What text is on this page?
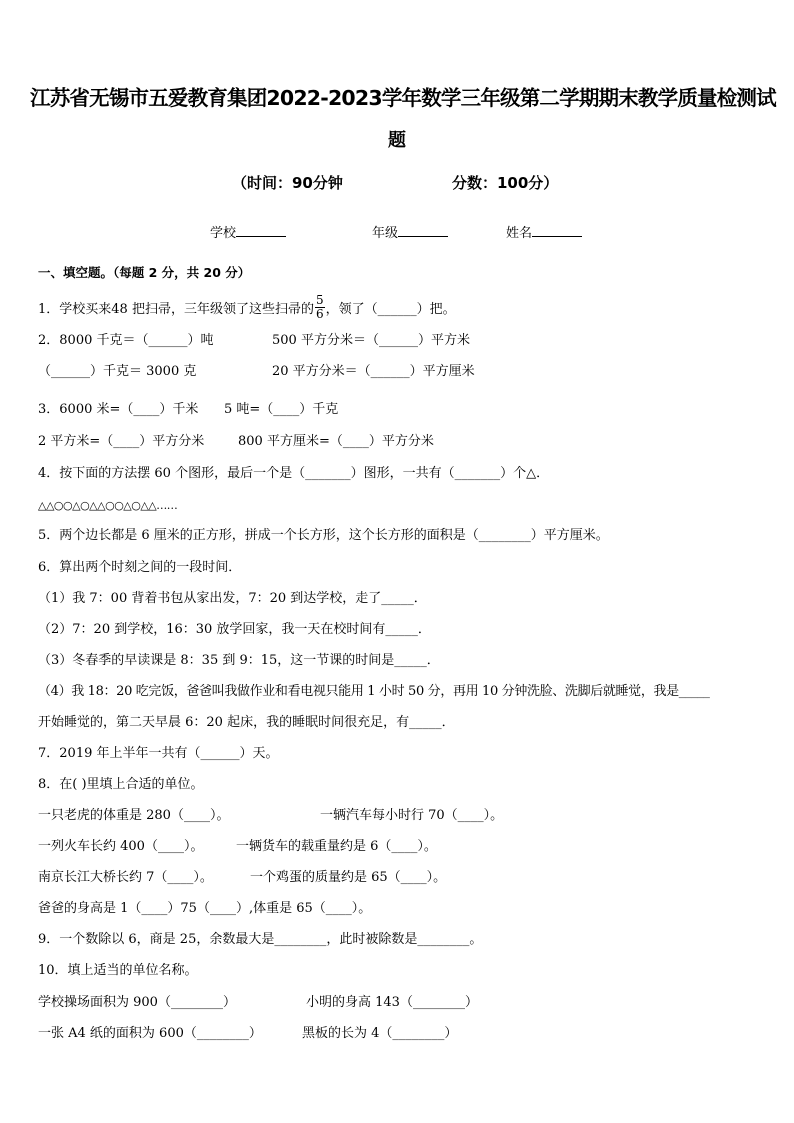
江苏省无锡市五爱教育集团2022-2023学年数学三年级第二学期期末教学质量检测试
题
（时间：90分钟	分数：100分）
学校	年级	姓名
一、填空题。（每题 2 分，共 20 分）
1．学校买来48 把扫帚，三年级领了这些扫帚的 $\frac{5}{6}$ ，领了（______）把。
2．8000 千克＝（______）吨	500 平方分米＝（______）平方米
（______）千克＝ 3000 克	20 平方分米＝（______）平方厘米
3．6000 米=（____）千米 5 吨=（____）千克
2 平方米=（____）平方分米	800 平方厘米=（____）平方分米
4．按下面的方法摆 60 个图形，最后一个是（_______）图形，一共有（_______）个△．
△△○○△○△△○○△○△△……
5．两个边长都是 6 厘米的正方形，拼成一个长方形，这个长方形的面积是（________）平方厘米。
6．算出两个时刻之间的一段时间．
（1）我 7：00 背着书包从家出发，7：20 到达学校，走了_____．
（2）7：20 到学校，16：30 放学回家，我一天在校时间有_____．
（3）冬春季的早读课是 8：35 到 9：15，这一节课的时间是_____．
（4）我 18：20 吃完饭，爸爸叫我做作业和看电视只能用 1 小时 50 分，再用 10 分钟洗脸、洗脚后就睡觉，我是_____
开始睡觉的，第二天早晨 6：20 起床，我的睡眠时间很充足，有_____．
7．2019 年上半年一共有（______）天。
8．在( )里填上合适的单位。
一只老虎的体重是 280（____）。	一辆汽车每小时行 70（____）。
一列火车长约 400（____）。	一辆货车的载重量约是 6（____）。
南京长江大桥长约 7（____）。	一个鸡蛋的质量约是 65（____）。
爸爸的身高是 1（____）75（____）,体重是 65（____）。
9．一个数除以 6，商是 25，余数最大是________，此时被除数是________。
10．填上适当的单位名称。
学校操场面积为 900（________）	小明的身高 143（________）
一张 A4 纸的面积为 600（________）	黑板的长为 4（________）
